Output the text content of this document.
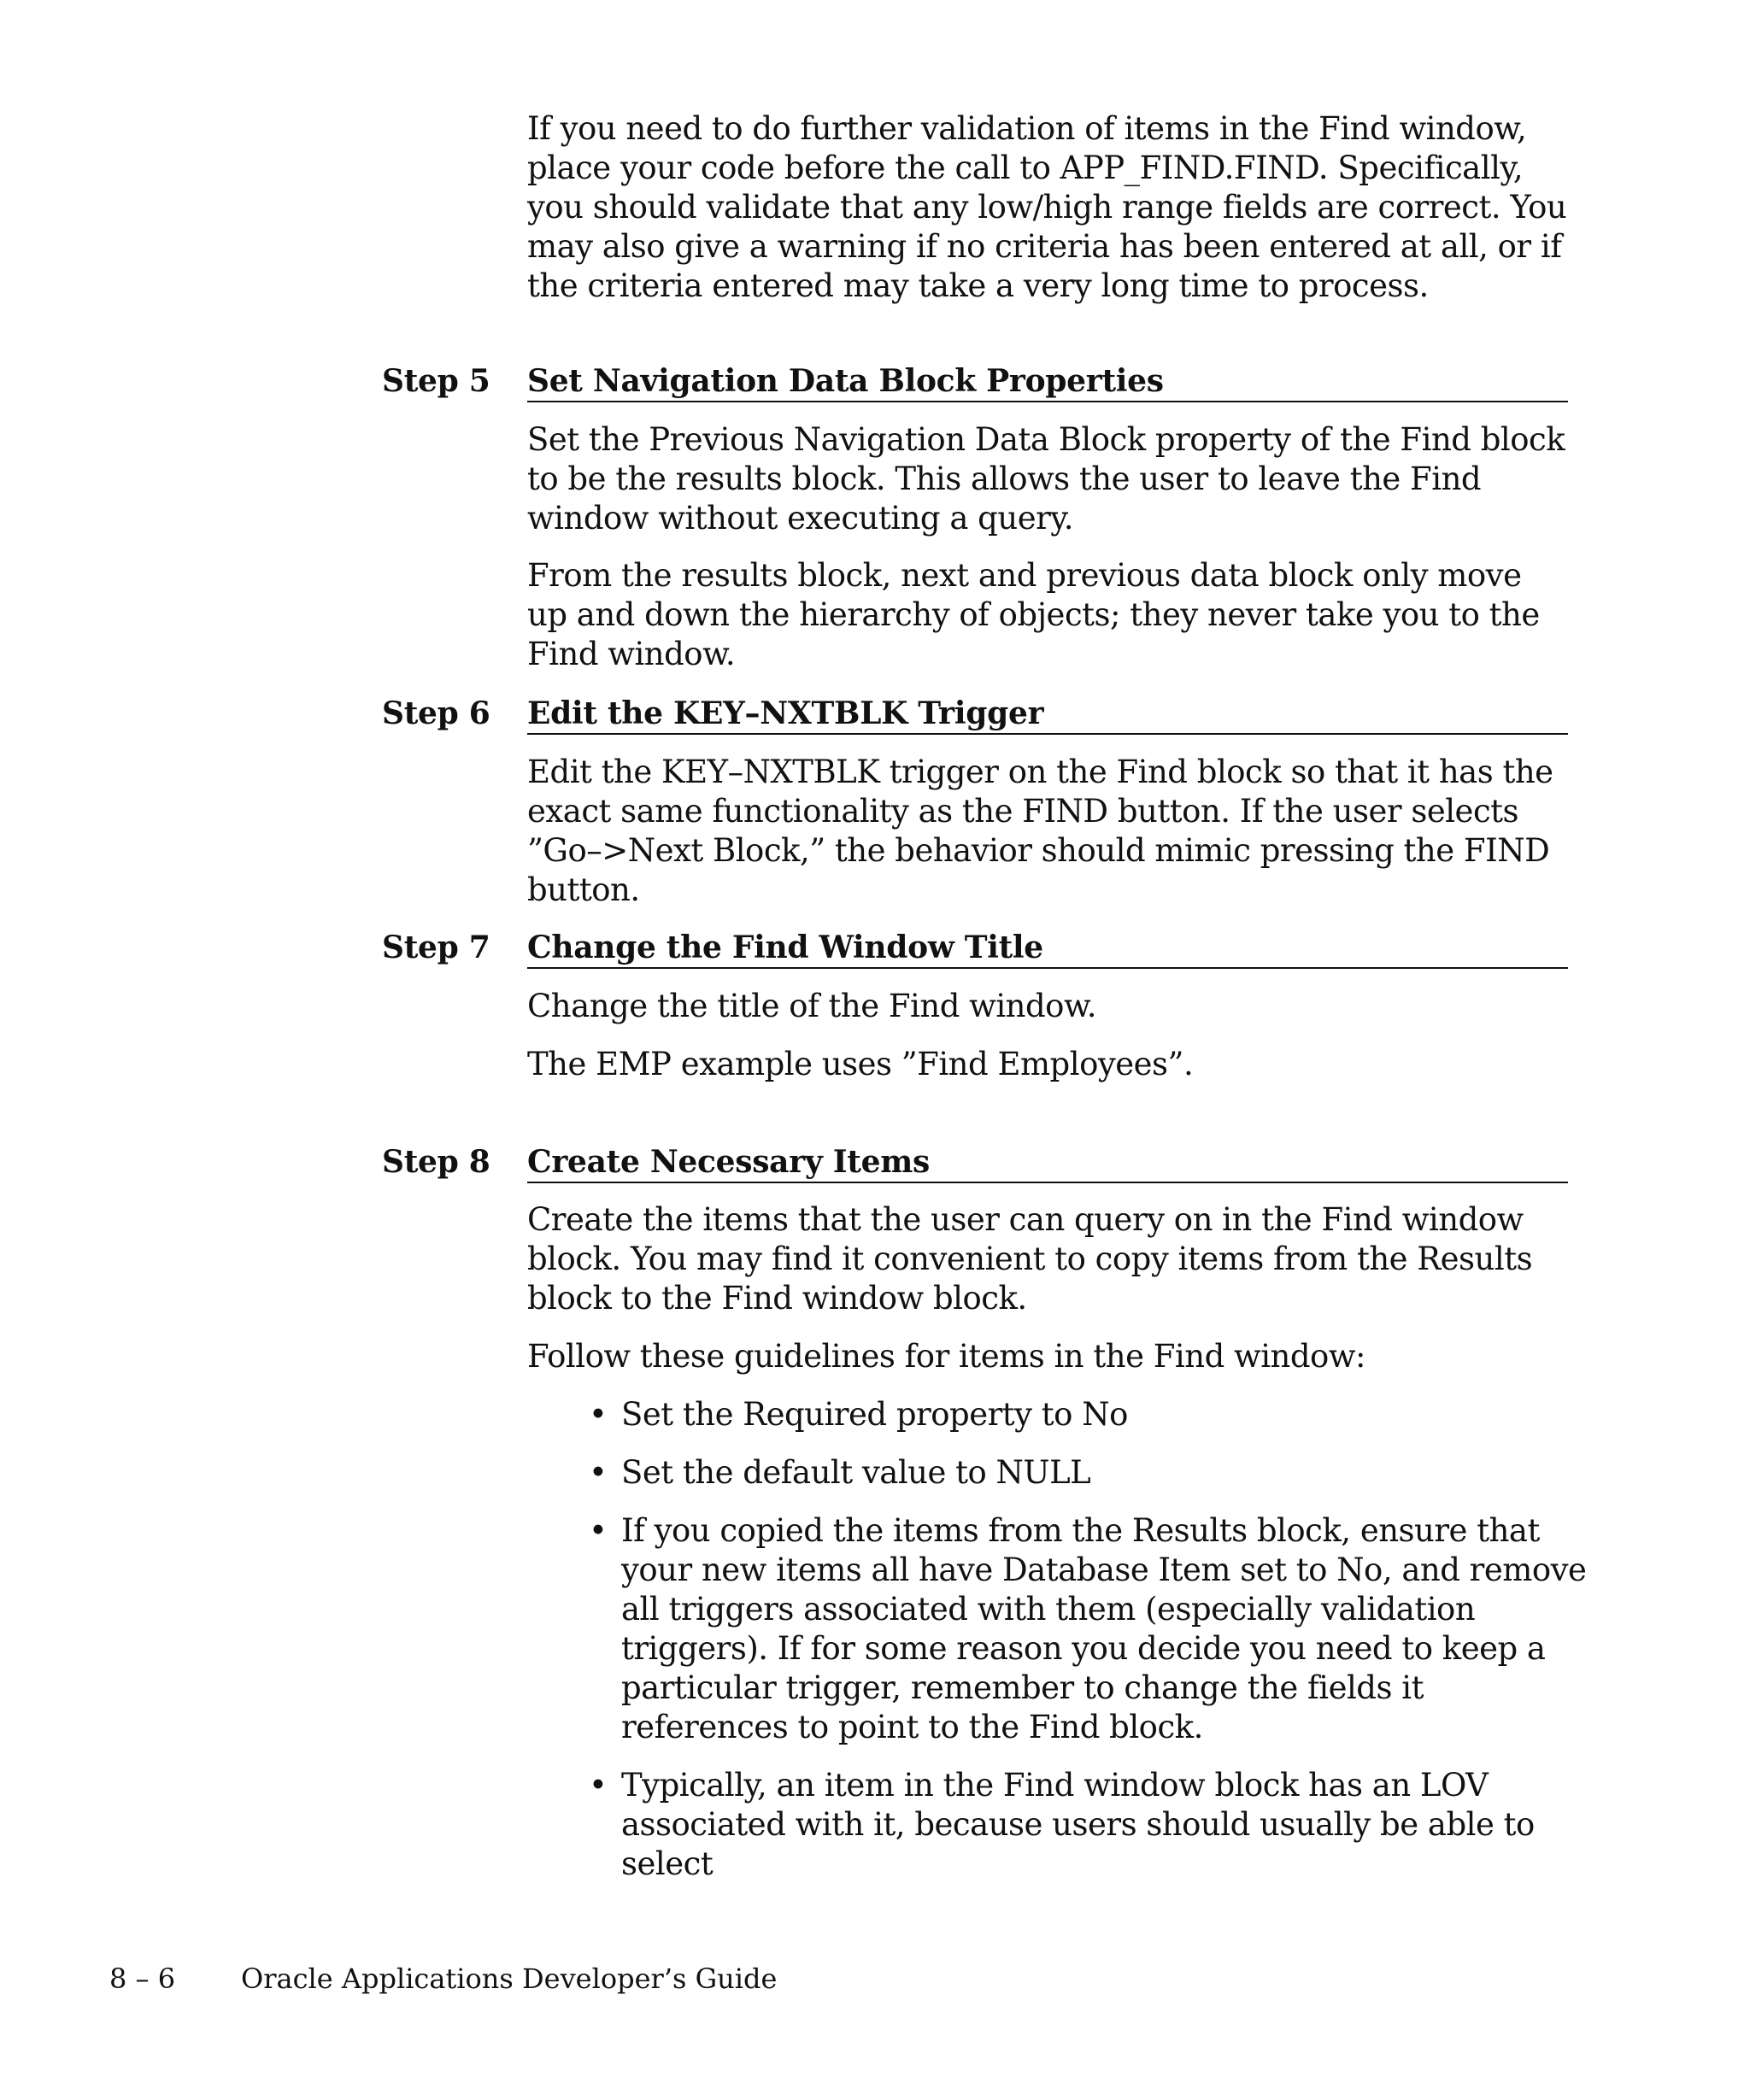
If you need to do further validation of items in the Find window, place your code before the call to APP_FIND.FIND. Specifically, you should validate that any low/high range fields are correct. You may also give a warning if no criteria has been entered at all, or if the criteria entered may take a very long time to process.

Step 5 Set Navigation Data Block Properties

Set the Previous Navigation Data Block property of the Find block to be the results block. This allows the user to leave the Find window without executing a query.

From the results block, next and previous data block only move up and down the hierarchy of objects; they never take you to the Find window.

Step 6 Edit the KEY–NXTBLK Trigger

Edit the KEY–NXTBLK trigger on the Find block so that it has the exact same functionality as the FIND button. If the user selects ”Go–>Next Block,” the behavior should mimic pressing the FIND button.

Step 7 Change the Find Window Title

Change the title of the Find window.

The EMP example uses ”Find Employees”.

Step 8 Create Necessary Items

Create the items that the user can query on in the Find window block. You may find it convenient to copy items from the Results block to the Find window block.

Follow these guidelines for items in the Find window:

• Set the Required property to No
• Set the default value to NULL
• If you copied the items from the Results block, ensure that your new items all have Database Item set to No, and remove all triggers associated with them (especially validation triggers). If for some reason you decide you need to keep a particular trigger, remember to change the fields it references to point to the Find block.
• Typically, an item in the Find window block has an LOV associated with it, because users should usually be able to select
8 – 6 Oracle Applications Developer’s Guide
